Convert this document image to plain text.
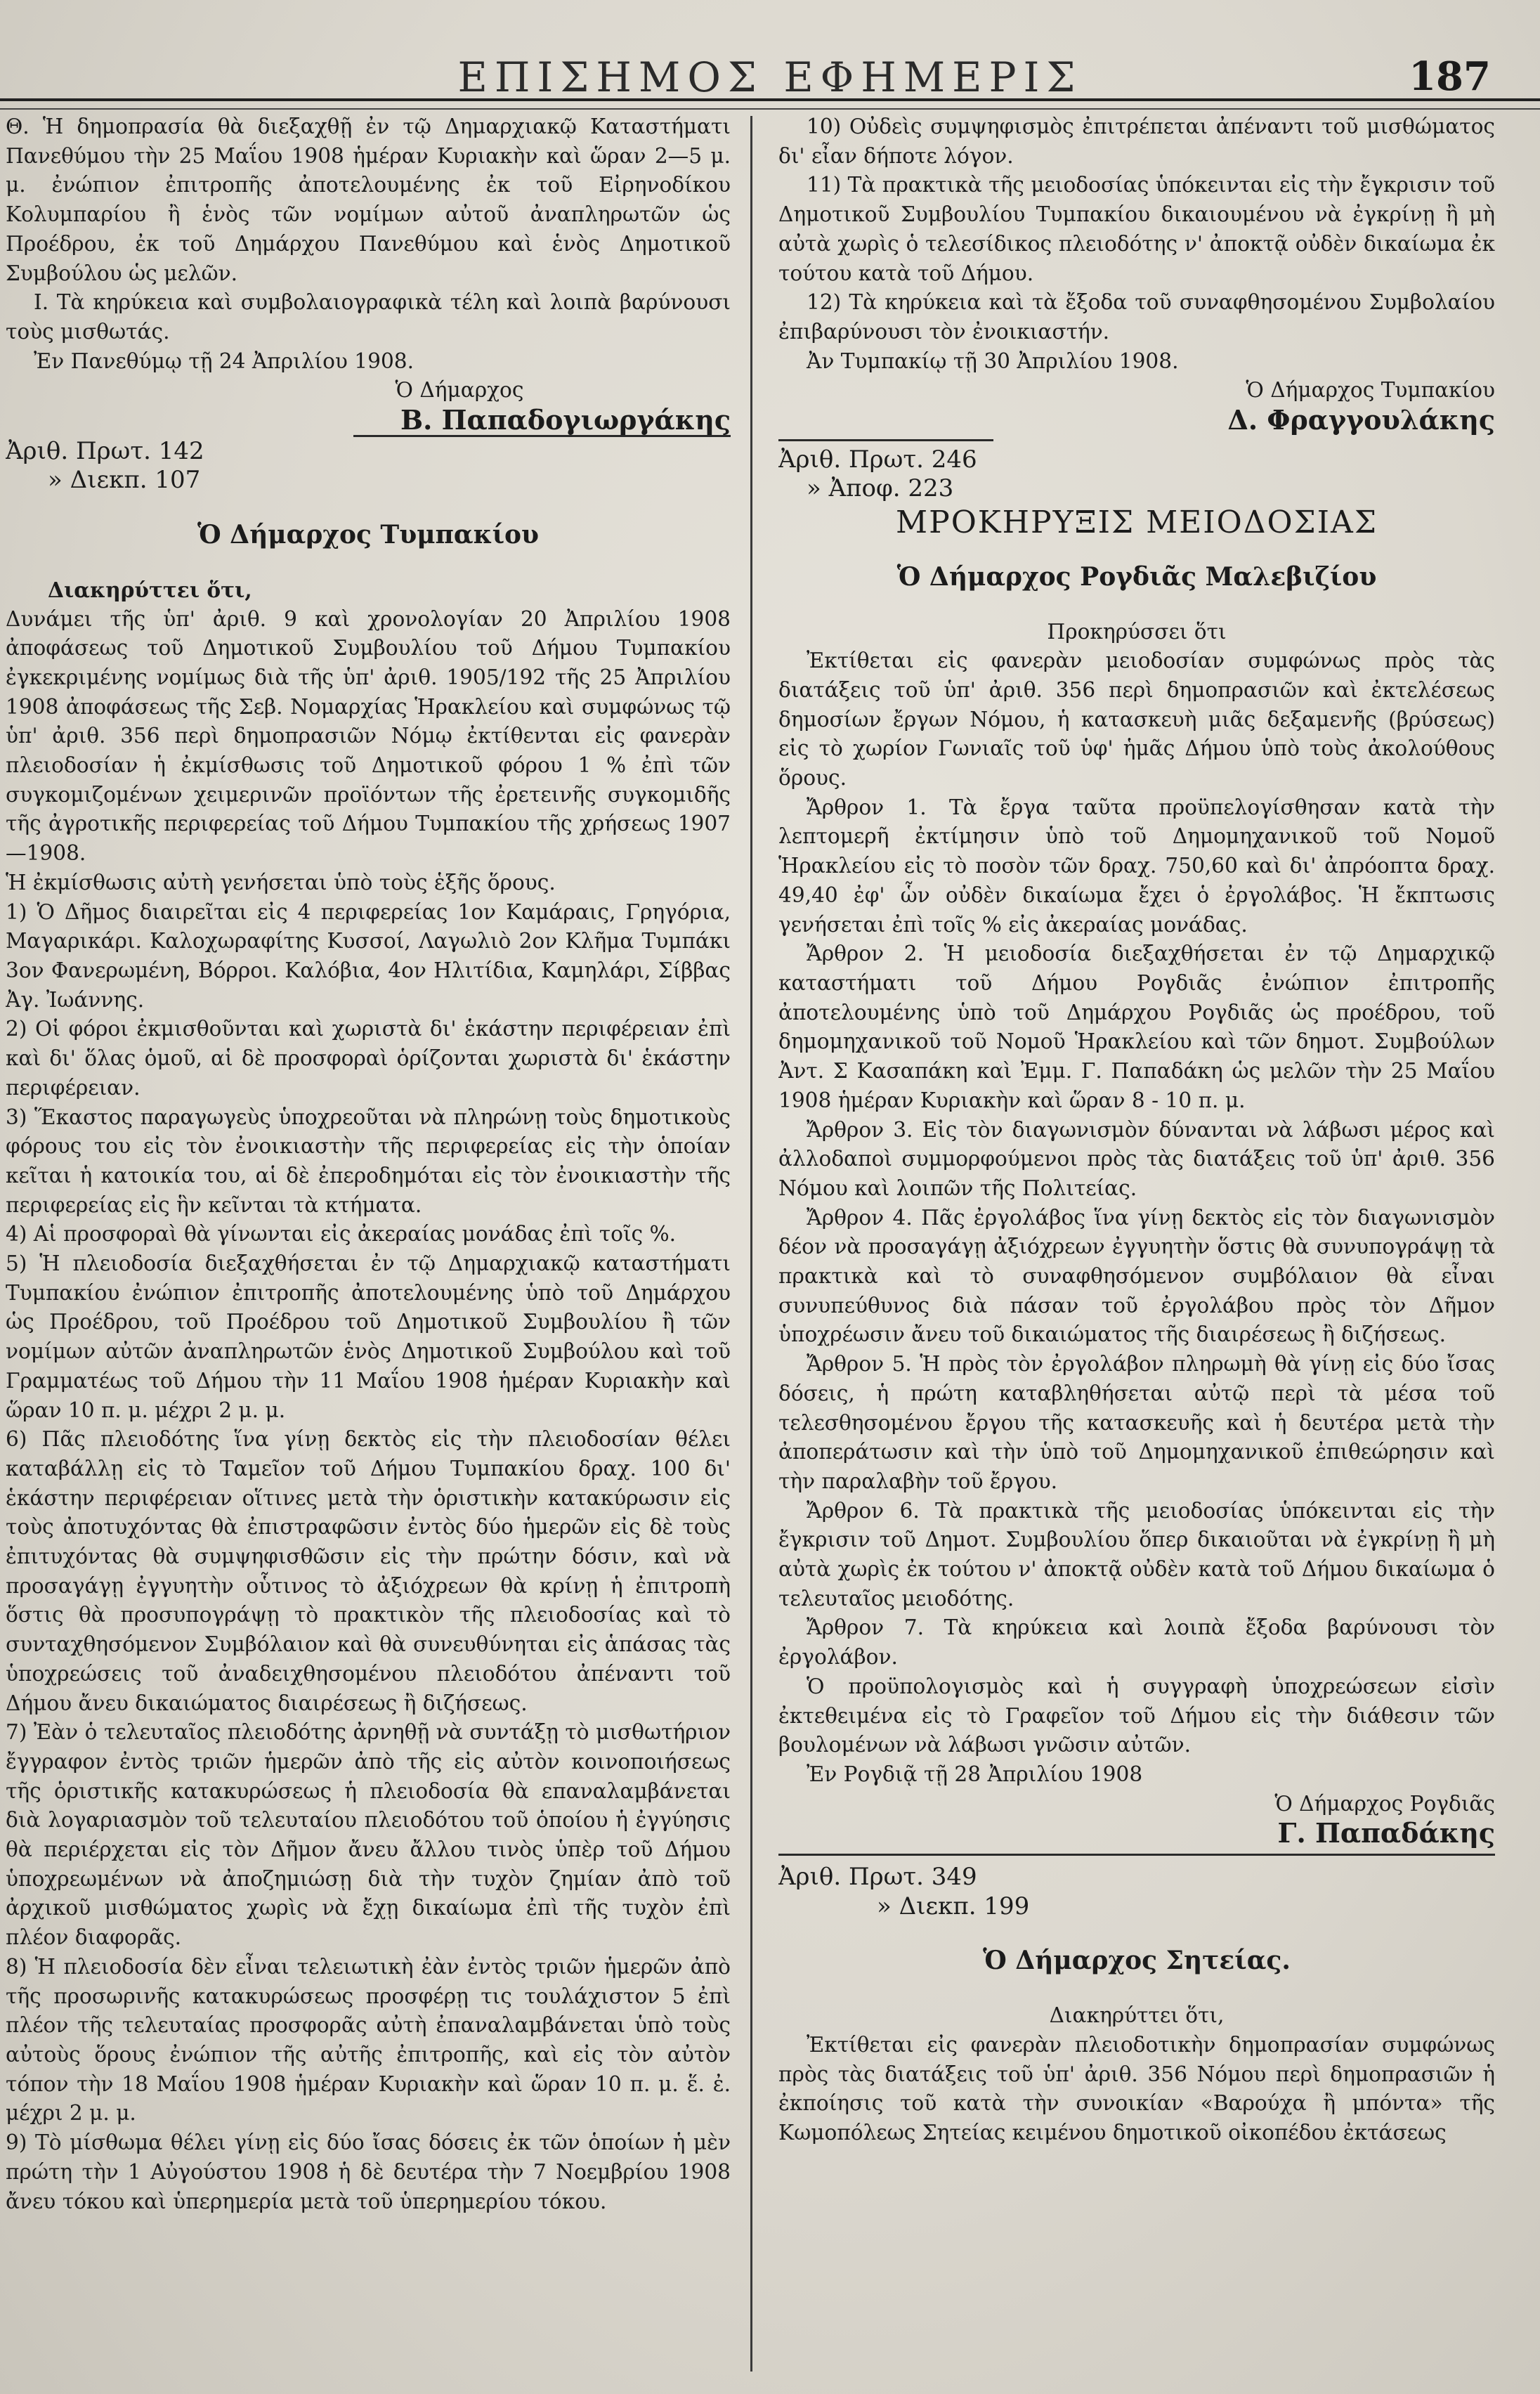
ΕΠΙΣΗΜΟΣ ΕΦΗΜΕΡΙΣ	187

Θ. Ἡ δημοπρασία θὰ διεξαχθῇ ἐν τῷ Δημαρχιακῷ Καταστήματι Πανεθύμου τὴν 25 Μαΐου 1908 ἡμέραν Κυριακὴν καὶ ὥραν 2—5 μ. μ. ἐνώπιον ἐπιτροπῆς ἀποτελουμένης ἐκ τοῦ Εἰρηνοδίκου Κολυμπαρίου ἢ ἑνὸς τῶν νομίμων αὐτοῦ ἀναπληρωτῶν ὡς Προέδρου, ἐκ τοῦ Δημάρχου Πανεθύμου καὶ ἑνὸς Δημοτικοῦ Συμβούλου ὡς μελῶν.

Ι. Τὰ κηρύκεια καὶ συμβολαιογραφικὰ τέλη καὶ λοιπὰ βαρύνουσι τοὺς μισθωτάς.

Ἐν Πανεθύμῳ τῇ 24 Ἀπριλίου 1908.

Ὁ Δήμαρχος

Β. Παπαδογιωργάκης

Ἀριθ. Πρωτ. 142

» Διεκπ. 107

Ὁ Δήμαρχος Τυμπακίου

Διακηρύττει ὅτι,

Δυνάμει τῆς ὑπ' ἀριθ. 9 καὶ χρονολογίαν 20 Ἀπριλίου 1908 ἀποφάσεως τοῦ Δημοτικοῦ Συμβουλίου τοῦ Δήμου Τυμπακίου ἐγκεκριμένης νομίμως διὰ τῆς ὑπ' ἀριθ. 1905/192 τῆς 25 Ἀπριλίου 1908 ἀποφάσεως τῆς Σεβ. Νομαρχίας Ἡρακλείου καὶ συμφώνως τῷ ὑπ' ἀριθ. 356 περὶ δημοπρασιῶν Νόμῳ ἐκτίθενται εἰς φανερὰν πλειοδοσίαν ἡ ἐκμίσθωσις τοῦ Δημοτικοῦ φόρου 1 % ἐπὶ τῶν συγκομιζομένων χειμερινῶν προϊόντων τῆς ἐρετεινῆς συγκομιδῆς τῆς ἀγροτικῆς περιφερείας τοῦ Δήμου Τυμπακίου τῆς χρήσεως 1907—1908.

Ἡ ἐκμίσθωσις αὐτὴ γενήσεται ὑπὸ τοὺς ἑξῆς ὅρους.

1) Ὁ Δῆμος διαιρεῖται εἰς 4 περιφερείας 1ον Καμάραις, Γρηγόρια, Μαγαρικάρι. Καλοχωραφίτης Κυσσοί, Λαγωλιὸ 2ον Κλῆμα Τυμπάκι 3ον Φανερωμένη, Βόρροι. Καλόβια, 4ον Ηλιτίδια, Καμηλάρι, Σίββας Ἀγ. Ἰωάννης.

2) Οἱ φόροι ἐκμισθοῦνται καὶ χωριστὰ δι' ἑκάστην περιφέρειαν ἐπὶ καὶ δι' ὅλας ὁμοῦ, αἱ δὲ προσφοραὶ ὁρίζονται χωριστὰ δι' ἑκάστην περιφέρειαν.

3) Ἕκαστος παραγωγεὺς ὑποχρεοῦται νὰ πληρώνῃ τοὺς δημοτικοὺς φόρους του εἰς τὸν ἐνοικιαστὴν τῆς περιφερείας εἰς τὴν ὁποίαν κεῖται ἡ κατοικία του, αἱ δὲ ἐπεροδημόται εἰς τὸν ἐνοικιαστὴν τῆς περιφερείας εἰς ἣν κεῖνται τὰ κτήματα.

4) Αἱ προσφοραὶ θὰ γίνωνται εἰς ἀκεραίας μονάδας ἐπὶ τοῖς %.

5) Ἡ πλειοδοσία διεξαχθήσεται ἐν τῷ Δημαρχιακῷ καταστήματι Τυμπακίου ἐνώπιον ἐπιτροπῆς ἀποτελουμένης ὑπὸ τοῦ Δημάρχου ὡς Προέδρου, τοῦ Προέδρου τοῦ Δημοτικοῦ Συμβουλίου ἢ τῶν νομίμων αὐτῶν ἀναπληρωτῶν ἑνὸς Δημοτικοῦ Συμβούλου καὶ τοῦ Γραμματέως τοῦ Δήμου τὴν 11 Μαΐου 1908 ἡμέραν Κυριακὴν καὶ ὥραν 10 π. μ. μέχρι 2 μ. μ.

6) Πᾶς πλειοδότης ἵνα γίνῃ δεκτὸς εἰς τὴν πλειοδοσίαν θέλει καταβάλλῃ εἰς τὸ Ταμεῖον τοῦ Δήμου Τυμπακίου δραχ. 100 δι' ἑκάστην περιφέρειαν οἵτινες μετὰ τὴν ὁριστικὴν κατακύρωσιν εἰς τοὺς ἀποτυχόντας θὰ ἐπιστραφῶσιν ἐντὸς δύο ἡμερῶν εἰς δὲ τοὺς ἐπιτυχόντας θὰ συμψηφισθῶσιν εἰς τὴν πρώτην δόσιν, καὶ νὰ προσαγάγῃ ἐγγυητὴν οὗτινος τὸ ἀξιόχρεων θὰ κρίνῃ ἡ ἐπιτροπὴ ὅστις θὰ προσυπογράψῃ τὸ πρακτικὸν τῆς πλειοδοσίας καὶ τὸ συνταχθησόμενον Συμβόλαιον καὶ θὰ συνευθύνηται εἰς ἁπάσας τὰς ὑποχρεώσεις τοῦ ἀναδειχθησομένου πλειοδότου ἀπέναντι τοῦ Δήμου ἄνευ δικαιώματος διαιρέσεως ἢ διζήσεως.

7) Ἐὰν ὁ τελευταῖος πλειοδότης ἀρνηθῇ νὰ συντάξῃ τὸ μισθωτήριον ἔγγραφον ἐντὸς τριῶν ἡμερῶν ἀπὸ τῆς εἰς αὐτὸν κοινοποιήσεως τῆς ὁριστικῆς κατακυρώσεως ἡ πλειοδοσία θὰ επαναλαμβάνεται διὰ λογαριασμὸν τοῦ τελευταίου πλειοδότου τοῦ ὁποίου ἡ ἐγγύησις θὰ περιέρχεται εἰς τὸν Δῆμον ἄνευ ἄλλου τινὸς ὑπὲρ τοῦ Δήμου ὑποχρεωμένων νὰ ἀποζημιώσῃ διὰ τὴν τυχὸν ζημίαν ἀπὸ τοῦ ἀρχικοῦ μισθώματος χωρὶς νὰ ἔχῃ δικαίωμα ἐπὶ τῆς τυχὸν ἐπὶ πλέον διαφορᾶς.

8) Ἡ πλειοδοσία δὲν εἶναι τελειωτικὴ ἐὰν ἐντὸς τριῶν ἡμερῶν ἀπὸ τῆς προσωρινῆς κατακυρώσεως προσφέρῃ τις τουλάχιστον 5 ἐπὶ πλέον τῆς τελευταίας προσφορᾶς αὐτὴ ἐπαναλαμβάνεται ὑπὸ τοὺς αὐτοὺς ὅρους ἐνώπιον τῆς αὐτῆς ἐπιτροπῆς, καὶ εἰς τὸν αὐτὸν τόπον τὴν 18 Μαΐου 1908 ἡμέραν Κυριακὴν καὶ ὥραν 10 π. μ. ἕ. ἐ. μέχρι 2 μ. μ.

9) Τὸ μίσθωμα θέλει γίνῃ εἰς δύο ἴσας δόσεις ἐκ τῶν ὁποίων ἡ μὲν πρώτη τὴν 1 Αὐγούστου 1908 ἡ δὲ δευτέρα τὴν 7 Νοεμβρίου 1908 ἄνευ τόκου καὶ ὑπερημερία μετὰ τοῦ ὑπερημερίου τόκου.

10) Οὐδεὶς συμψηφισμὸς ἐπιτρέπεται ἀπέναντι τοῦ μισθώματος δι' εἶαν δήποτε λόγον.

11) Τὰ πρακτικὰ τῆς μειοδοσίας ὑπόκεινται εἰς τὴν ἔγκρισιν τοῦ Δημοτικοῦ Συμβουλίου Τυμπακίου δικαιουμένου νὰ ἐγκρίνῃ ἢ μὴ αὐτὰ χωρὶς ὁ τελεσίδικος πλειοδότης ν' ἀποκτᾷ οὐδὲν δικαίωμα ἐκ τούτου κατὰ τοῦ Δήμου.

12) Τὰ κηρύκεια καὶ τὰ ἔξοδα τοῦ συναφθησομένου Συμβολαίου ἐπιβαρύνουσι τὸν ἐνοικιαστήν.

Ἀν Τυμπακίῳ τῇ 30 Ἀπριλίου 1908.

Ὁ Δήμαρχος Τυμπακίου

Δ. Φραγγουλάκης

Ἀριθ. Πρωτ. 246

» Ἀποφ. 223

ΜΡΟΚΗΡΥΞΙΣ ΜΕΙΟΔΟΣΙΑΣ

Ὁ Δήμαρχος Ρογδιᾶς Μαλεβιζίου

Προκηρύσσει ὅτι

Ἐκτίθεται εἰς φανερὰν μειοδοσίαν συμφώνως πρὸς τὰς διατάξεις τοῦ ὑπ' ἀριθ. 356 περὶ δημοπρασιῶν καὶ ἐκτελέσεως δημοσίων ἔργων Νόμου, ἡ κατασκευὴ μιᾶς δεξαμενῆς (βρύσεως) εἰς τὸ χωρίον Γωνιαῖς τοῦ ὑφ' ἡμᾶς Δήμου ὑπὸ τοὺς ἀκολούθους ὅρους.

Ἄρθρον 1. Τὰ ἔργα ταῦτα προϋπελογίσθησαν κατὰ τὴν λεπτομερῆ ἐκτίμησιν ὑπὸ τοῦ Δημομηχανικοῦ τοῦ Νομοῦ Ἡρακλείου εἰς τὸ ποσὸν τῶν δραχ. 750,60 καὶ δι' ἀπρόοπτα δραχ. 49,40 ἐφ' ὧν οὐδὲν δικαίωμα ἔχει ὁ ἐργολάβος. Ἡ ἔκπτωσις γενήσεται ἐπὶ τοῖς % εἰς ἀκεραίας μονάδας.

Ἄρθρον 2. Ἡ μειοδοσία διεξαχθήσεται ἐν τῷ Δημαρχικῷ καταστήματι τοῦ Δήμου Ρογδιᾶς ἐνώπιον ἐπιτροπῆς ἀποτελουμένης ὑπὸ τοῦ Δημάρχου Ρογδιᾶς ὡς προέδρου, τοῦ δημομηχανικοῦ τοῦ Νομοῦ Ἡρακλείου καὶ τῶν δημοτ. Συμβούλων Ἀντ. Σ Κασαπάκη καὶ Ἐμμ. Γ. Παπαδάκη ὡς μελῶν τὴν 25 Μαΐου 1908 ἡμέραν Κυριακὴν καὶ ὥραν 8 - 10 π. μ.

Ἄρθρον 3. Εἰς τὸν διαγωνισμὸν δύνανται νὰ λάβωσι μέρος καὶ ἀλλοδαποὶ συμμορφούμενοι πρὸς τὰς διατάξεις τοῦ ὑπ' ἀριθ. 356 Νόμου καὶ λοιπῶν τῆς Πολιτείας.

Ἄρθρον 4. Πᾶς ἐργολάβος ἵνα γίνῃ δεκτὸς εἰς τὸν διαγωνισμὸν δέον νὰ προσαγάγῃ ἀξιόχρεων ἐγγυητὴν ὅστις θὰ συνυπογράψῃ τὰ πρακτικὰ καὶ τὸ συναφθησόμενον συμβόλαιον θὰ εἶναι συνυπεύθυνος διὰ πάσαν τοῦ ἐργολάβου πρὸς τὸν Δῆμον ὑποχρέωσιν ἄνευ τοῦ δικαιώματος τῆς διαιρέσεως ἢ διζήσεως.

Ἄρθρον 5. Ἡ πρὸς τὸν ἐργολάβον πληρωμὴ θὰ γίνῃ εἰς δύο ἴσας δόσεις, ἡ πρώτη καταβληθήσεται αὐτῷ περὶ τὰ μέσα τοῦ τελεσθησομένου ἔργου τῆς κατασκευῆς καὶ ἡ δευτέρα μετὰ τὴν ἀποπεράτωσιν καὶ τὴν ὑπὸ τοῦ Δημομηχανικοῦ ἐπιθεώρησιν καὶ τὴν παραλαβὴν τοῦ ἔργου.

Ἄρθρον 6. Τὰ πρακτικὰ τῆς μειοδοσίας ὑπόκεινται εἰς τὴν ἔγκρισιν τοῦ Δημοτ. Συμβουλίου ὅπερ δικαιοῦται νὰ ἐγκρίνῃ ἢ μὴ αὐτὰ χωρὶς ἐκ τούτου ν' ἀποκτᾷ οὐδὲν κατὰ τοῦ Δήμου δικαίωμα ὁ τελευταῖος μειοδότης.

Ἄρθρον 7. Τὰ κηρύκεια καὶ λοιπὰ ἔξοδα βαρύνουσι τὸν ἐργολάβον.

Ὁ προϋπολογισμὸς καὶ ἡ συγγραφὴ ὑποχρεώσεων εἰσὶν ἐκτεθειμένα εἰς τὸ Γραφεῖον τοῦ Δήμου εἰς τὴν διάθεσιν τῶν βουλομένων νὰ λάβωσι γνῶσιν αὐτῶν.

Ἐν Ρογδιᾷ τῇ 28 Ἀπριλίου 1908

Ὁ Δήμαρχος Ρογδιᾶς

Γ. Παπαδάκης

Ἀριθ. Πρωτ. 349

» Διεκπ. 199

Ὁ Δήμαρχος Σητείας.

Διακηρύττει ὅτι,

Ἐκτίθεται εἰς φανερὰν πλειοδοτικὴν δημοπρασίαν συμφώνως πρὸς τὰς διατάξεις τοῦ ὑπ' ἀριθ. 356 Νόμου περὶ δημοπρασιῶν ἡ ἐκποίησις τοῦ κατὰ τὴν συνοικίαν «Βαρούχα ἢ μπόντα» τῆς Κωμοπόλεως Σητείας κειμένου δημοτικοῦ οἰκοπέδου ἐκτάσεως
